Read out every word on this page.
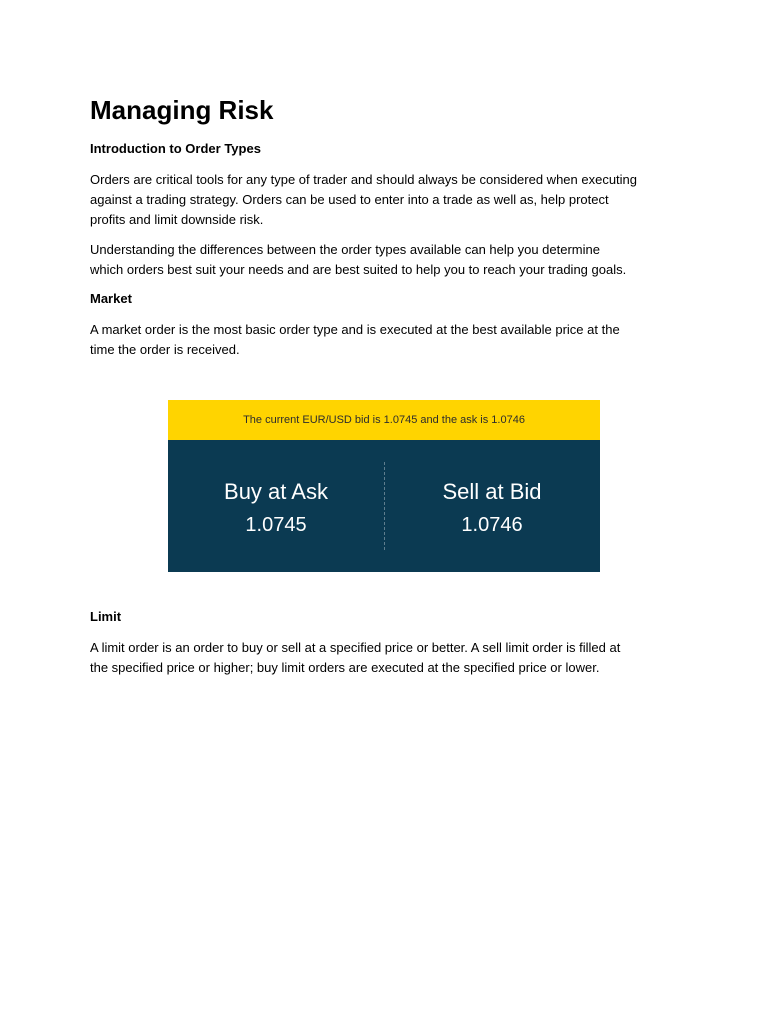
Managing Risk
Introduction to Order Types
Orders are critical tools for any type of trader and should always be considered when executing
against a trading strategy. Orders can be used to enter into a trade as well as, help protect
profits and limit downside risk.
Understanding the differences between the order types available can help you determine
which orders best suit your needs and are best suited to help you to reach your trading goals.
Market
A market order is the most basic order type and is executed at the best available price at the
time the order is received.
The current EUR/USD bid is 1.0745 and the ask is 1.0746
Buy at Ask
1.0745
Sell at Bid
1.0746
Limit
A limit order is an order to buy or sell at a specified price or better. A sell limit order is filled at
the specified price or higher; buy limit orders are executed at the specified price or lower.
